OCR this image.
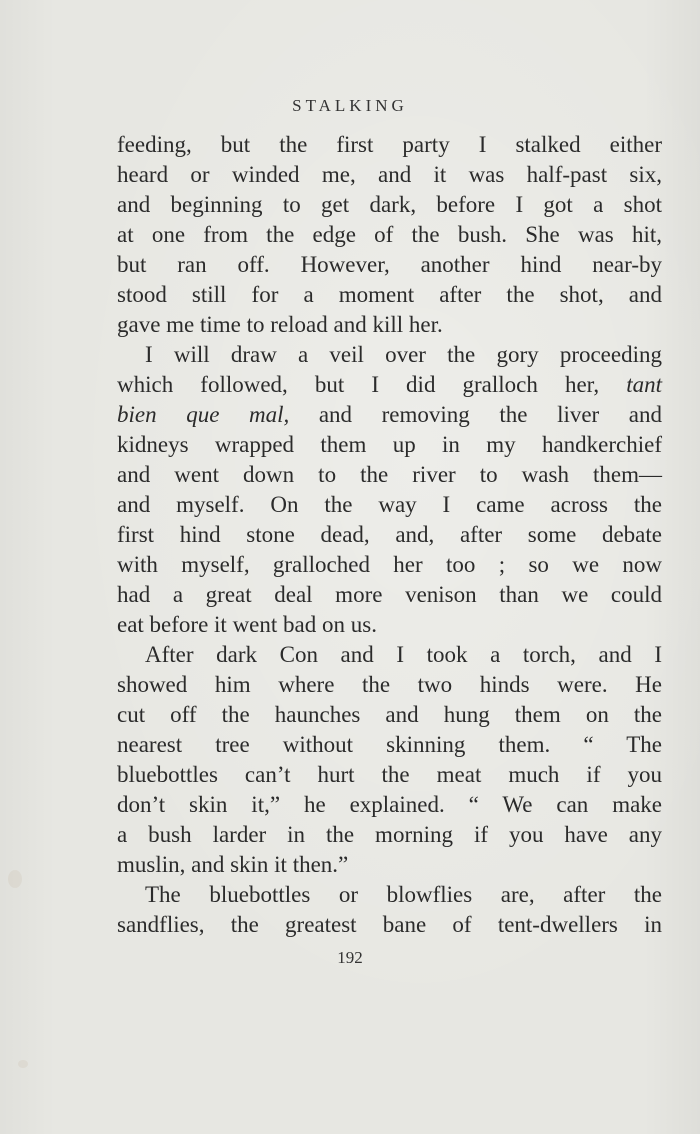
STALKING
feeding, but the first party I stalked either
heard or winded me, and it was half-past six,
and beginning to get dark, before I got a shot
at one from the edge of the bush. She was hit,
but ran off. However, another hind near-by
stood still for a moment after the shot, and
gave me time to reload and kill her.
I will draw a veil over the gory proceeding
which followed, but I did gralloch her, tant
bien que mal, and removing the liver and
kidneys wrapped them up in my handkerchief
and went down to the river to wash them—
and myself. On the way I came across the
first hind stone dead, and, after some debate
with myself, gralloched her too ; so we now
had a great deal more venison than we could
eat before it went bad on us.
After dark Con and I took a torch, and I
showed him where the two hinds were. He
cut off the haunches and hung them on the
nearest tree without skinning them. “ The
bluebottles can’t hurt the meat much if you
don’t skin it,” he explained. “ We can make
a bush larder in the morning if you have any
muslin, and skin it then.”
The bluebottles or blowflies are, after the
sandflies, the greatest bane of tent-dwellers in
192
